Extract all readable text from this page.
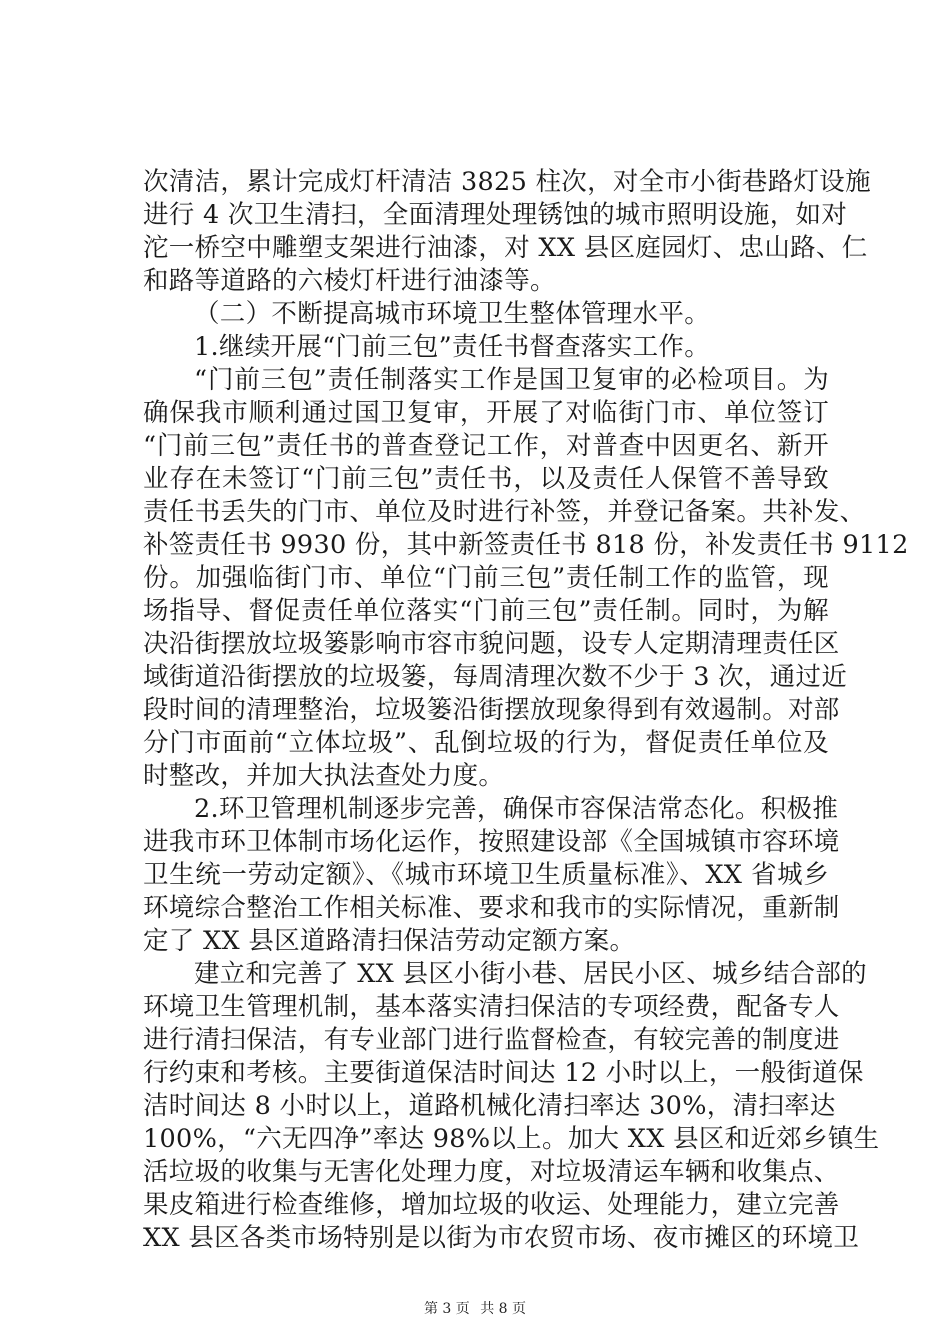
次清洁，累计完成灯杆清洁 3825 柱次，对全市小街巷路灯设施
进行 4 次卫生清扫，全面清理处理锈蚀的城市照明设施，如对
沱一桥空中雕塑支架进行油漆，对 XX 县区庭园灯、忠山路、仁
和路等道路的六棱灯杆进行油漆等。
（二）不断提高城市环境卫生整体管理水平。
1.继续开展“门前三包”责任书督查落实工作。
“门前三包”责任制落实工作是国卫复审的必检项目。为
确保我市顺利通过国卫复审，开展了对临街门市、单位签订
“门前三包”责任书的普查登记工作，对普查中因更名、新开
业存在未签订“门前三包”责任书，以及责任人保管不善导致
责任书丢失的门市、单位及时进行补签，并登记备案。共补发、
补签责任书 9930 份，其中新签责任书 818 份，补发责任书 9112
份。加强临街门市、单位“门前三包”责任制工作的监管，现
场指导、督促责任单位落实“门前三包”责任制。同时，为解
决沿街摆放垃圾篓影响市容市貌问题，设专人定期清理责任区
域街道沿街摆放的垃圾篓，每周清理次数不少于 3 次，通过近
段时间的清理整治，垃圾篓沿街摆放现象得到有效遏制。对部
分门市面前“立体垃圾”、乱倒垃圾的行为，督促责任单位及
时整改，并加大执法查处力度。
2.环卫管理机制逐步完善，确保市容保洁常态化。积极推
进我市环卫体制市场化运作，按照建设部《全国城镇市容环境
卫生统一劳动定额》、《城市环境卫生质量标准》、XX 省城乡
环境综合整治工作相关标准、要求和我市的实际情况，重新制
定了 XX 县区道路清扫保洁劳动定额方案。
建立和完善了 XX 县区小街小巷、居民小区、城乡结合部的
环境卫生管理机制，基本落实清扫保洁的专项经费，配备专人
进行清扫保洁，有专业部门进行监督检查，有较完善的制度进
行约束和考核。主要街道保洁时间达 12 小时以上，一般街道保
洁时间达 8 小时以上，道路机械化清扫率达 30%，清扫率达
100%，“六无四净”率达 98%以上。加大 XX 县区和近郊乡镇生
活垃圾的收集与无害化处理力度，对垃圾清运车辆和收集点、
果皮箱进行检查维修，增加垃圾的收运、处理能力，建立完善
XX 县区各类市场特别是以街为市农贸市场、夜市摊区的环境卫
第 3 页 共 8 页
